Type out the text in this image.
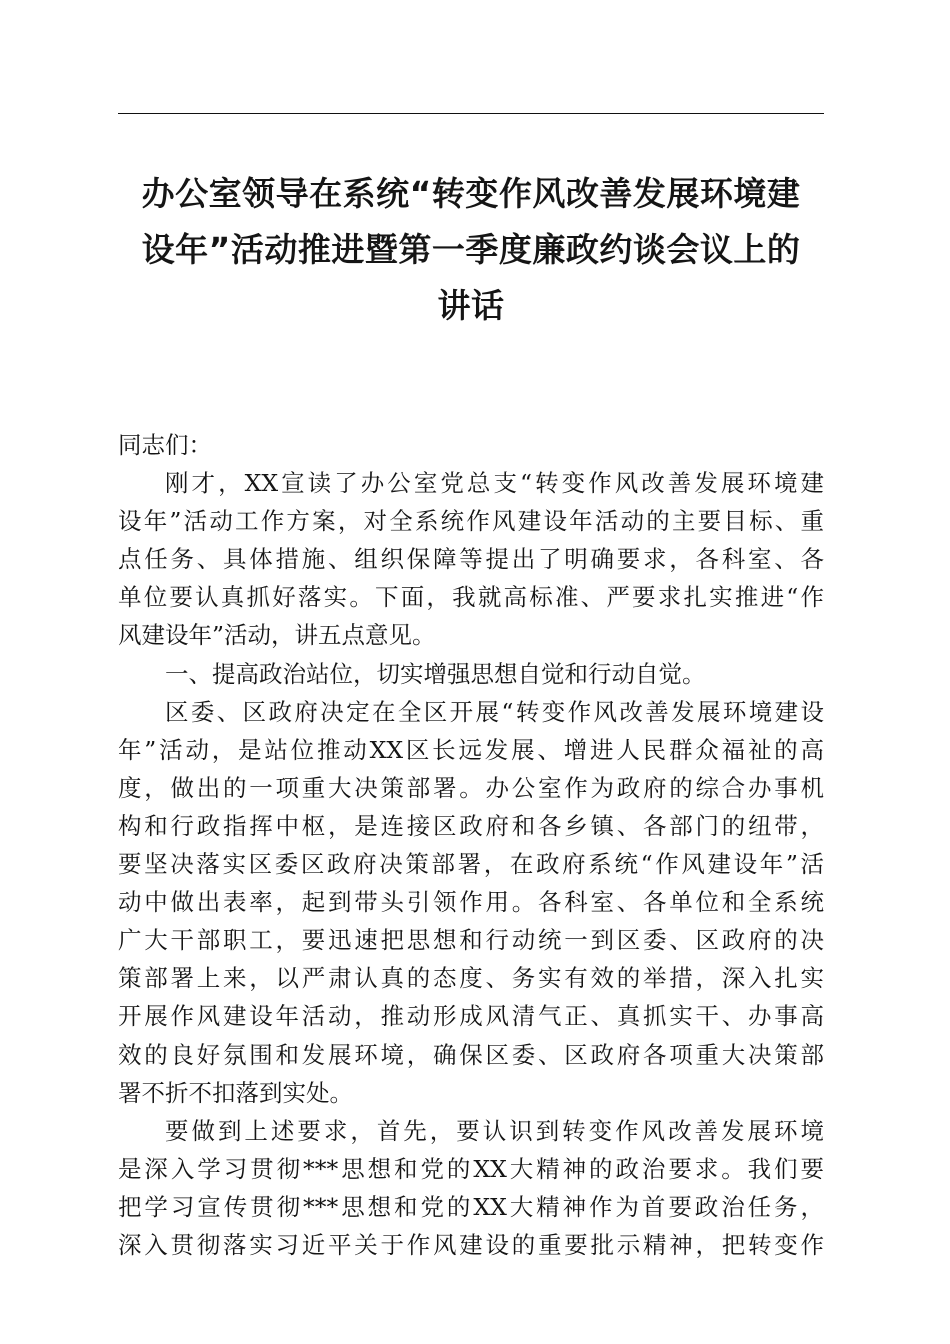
办公室领导在系统“转变作风改善发展环境建
设年”活动推进暨第一季度廉政约谈会议上的
讲话
同志们：
刚才，XX宣读了办公室党总支“转变作风改善发展环境建
设年”活动工作方案，对全系统作风建设年活动的主要目标、重
点任务、具体措施、组织保障等提出了明确要求，各科室、各
单位要认真抓好落实。下面，我就高标准、严要求扎实推进“作
风建设年”活动，讲五点意见。
一、提高政治站位，切实增强思想自觉和行动自觉。
区委、区政府决定在全区开展“转变作风改善发展环境建设
年”活动，是站位推动XX区长远发展、增进人民群众福祉的高
度，做出的一项重大决策部署。办公室作为政府的综合办事机
构和行政指挥中枢，是连接区政府和各乡镇、各部门的纽带，
要坚决落实区委区政府决策部署，在政府系统“作风建设年”活
动中做出表率，起到带头引领作用。各科室、各单位和全系统
广大干部职工，要迅速把思想和行动统一到区委、区政府的决
策部署上来，以严肃认真的态度、务实有效的举措，深入扎实
开展作风建设年活动，推动形成风清气正、真抓实干、办事高
效的良好氛围和发展环境，确保区委、区政府各项重大决策部
署不折不扣落到实处。
要做到上述要求，首先，要认识到转变作风改善发展环境
是深入学习贯彻***思想和党的XX大精神的政治要求。我们要
把学习宣传贯彻***思想和党的XX大精神作为首要政治任务，
深入贯彻落实习近平关于作风建设的重要批示精神，把转变作
